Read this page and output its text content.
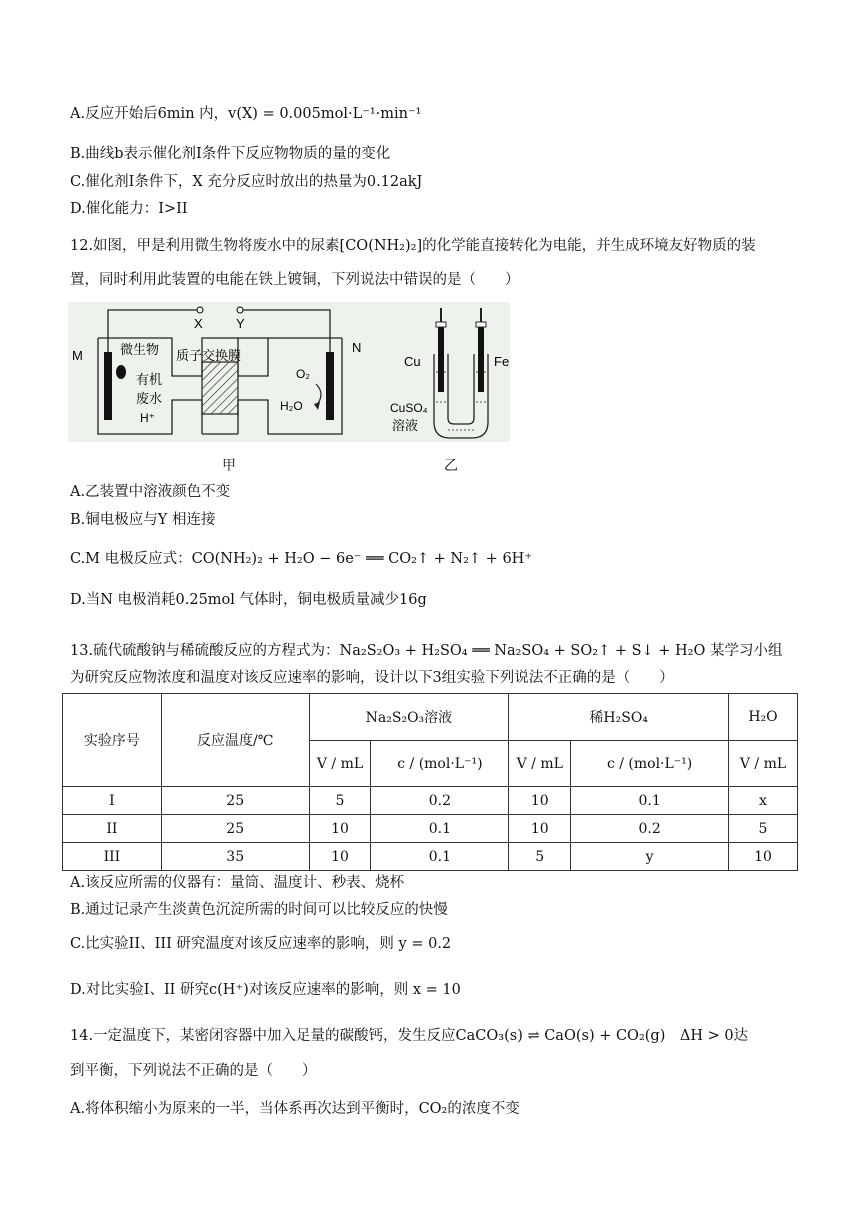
A.反应开始后6min 内，v(X) = 0.005mol·L⁻¹·min⁻¹
B.曲线b表示催化剂I条件下反应物物质的量的变化
C.催化剂I条件下，X 充分反应时放出的热量为0.12akJ
D.催化能力：I>II
12.如图，甲是利用微生物将废水中的尿素[CO(NH₂)₂]的化学能直接转化为电能，并生成环境友好物质的装
置，同时利用此装置的电能在铁上镀铜，下列说法中错误的是（　　）
X	Y
M
N
微生物 质子交换膜
有机
废水
H⁺
O₂
H₂O
Cu	Fe
CuSO₄
溶液
甲	乙
A.乙装置中溶液颜色不变
B.铜电极应与Y 相连接
C.M 电极反应式：CO(NH₂)₂ + H₂O − 6e⁻ ══ CO₂↑ + N₂↑ + 6H⁺
D.当N 电极消耗0.25mol 气体时，铜电极质量减少16g
13.硫代硫酸钠与稀硫酸反应的方程式为：Na₂S₂O₃ + H₂SO₄ ══ Na₂SO₄ + SO₂↑ + S↓ + H₂O 某学习小组
为研究反应物浓度和温度对该反应速率的影响，设计以下3组实验下列说法不正确的是（　　）
实验序号	反应温度/℃	Na₂S₂O₃溶液		稀H₂SO₄		H₂O
		V / mL	c / (mol·L⁻¹)	V / mL	c / (mol·L⁻¹)	V / mL
I	25	5	0.2	10	0.1	x
II	25	10	0.1	10	0.2	5
III	35	10	0.1	5	y	10
A.该反应所需的仪器有：量筒、温度计、秒表、烧杯
B.通过记录产生淡黄色沉淀所需的时间可以比较反应的快慢
C.比实验II、III 研究温度对该反应速率的影响，则 y = 0.2
D.对比实验I、II 研究c(H⁺)对该反应速率的影响，则 x = 10
14.一定温度下，某密闭容器中加入足量的碳酸钙，发生反应CaCO₃(s) ⇌ CaO(s) + CO₂(g)　ΔH > 0达
到平衡，下列说法不正确的是（　　）
A.将体积缩小为原来的一半，当体系再次达到平衡时，CO₂的浓度不变
